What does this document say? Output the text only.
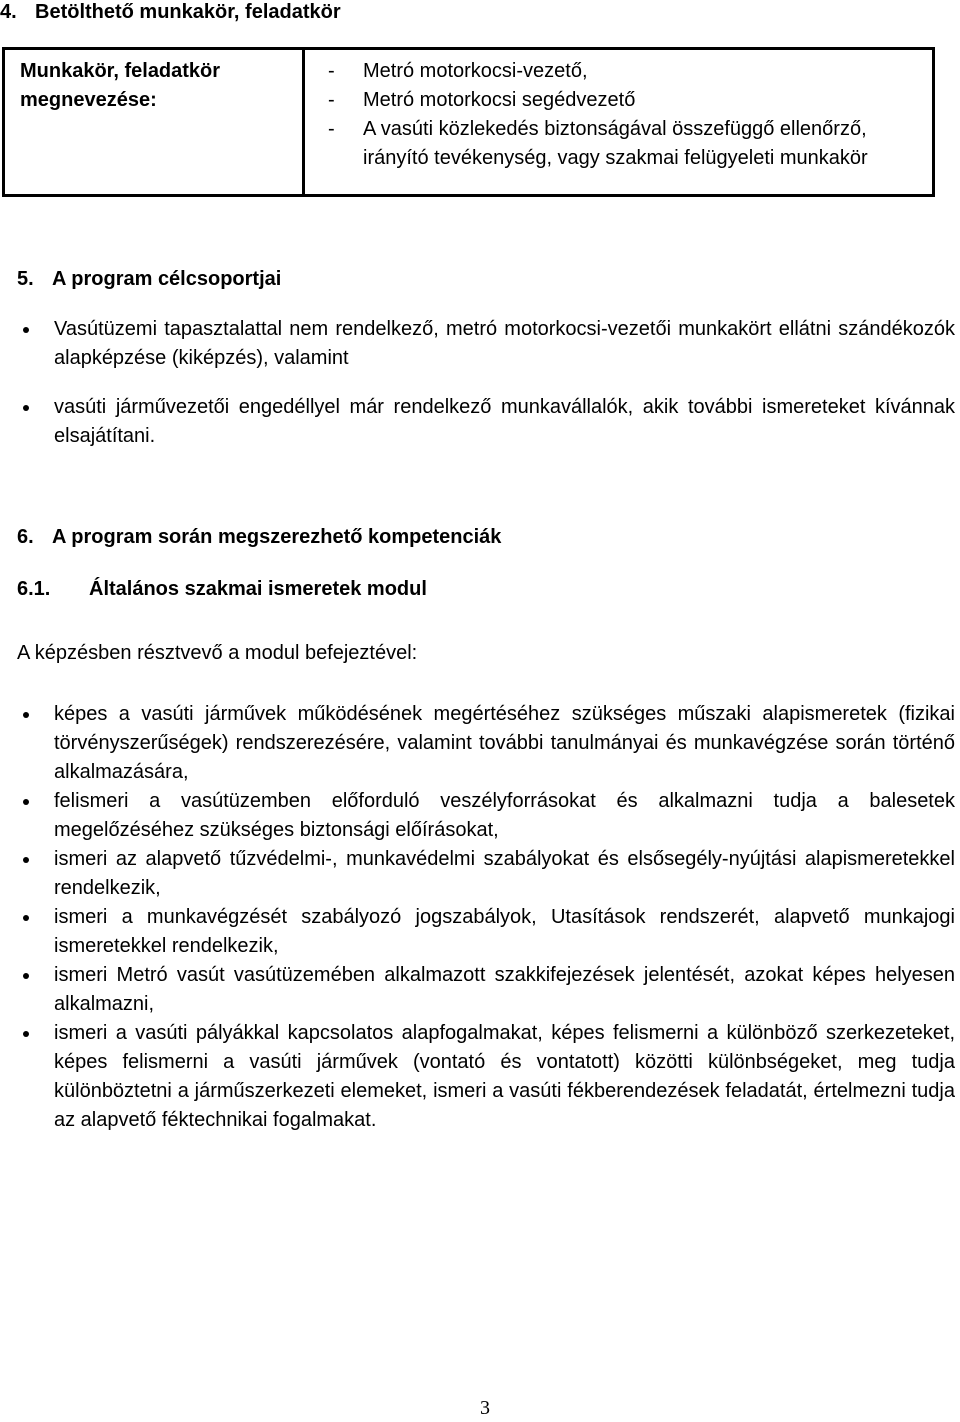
4. Betölthető munkakör, feladatkör
Munkakör, feladatkör megnevezése:	
- Metró motorkocsi-vezető,
- Metró motorkocsi segédvezető
- A vasúti közlekedés biztonságával összefüggő ellenőrző, irányító tevékenység, vagy szakmai felügyeleti munkakör
5. A program célcsoportjai
Vasútüzemi tapasztalattal nem rendelkező, metró motorkocsi-vezetői munkakört ellátni szándékozók alapképzése (kiképzés), valamint
vasúti járművezetői engedéllyel már rendelkező munkavállalók, akik további ismereteket kívánnak elsajátítani.
6. A program során megszerezhető kompetenciák
6.1. Általános szakmai ismeretek modul

A képzésben résztvevő a modul befejeztével:

képes a vasúti járművek működésének megértéséhez szükséges műszaki alapismeretek (fizikai törvényszerűségek) rendszerezésére, valamint további tanulmányai és munkavégzése során történő alkalmazására,
felismeri a vasútüzemben előforduló veszélyforrásokat és alkalmazni tudja a balesetek megelőzéséhez szükséges biztonsági előírásokat,
ismeri az alapvető tűzvédelmi-, munkavédelmi szabályokat és elsősegély-nyújtási alapismeretekkel rendelkezik,
ismeri a munkavégzését szabályozó jogszabályok, Utasítások rendszerét, alapvető munkajogi ismeretekkel rendelkezik,
ismeri Metró vasút vasútüzemében alkalmazott szakkifejezések jelentését, azokat képes helyesen alkalmazni,
ismeri a vasúti pályákkal kapcsolatos alapfogalmakat, képes felismerni a különböző szerkezeteket, képes felismerni a vasúti járművek (vontató és vontatott) közötti különbségeket, meg tudja különböztetni a járműszerkezeti elemeket, ismeri a vasúti fékberendezések feladatát, értelmezni tudja az alapvető féktechnikai fogalmakat.

3
